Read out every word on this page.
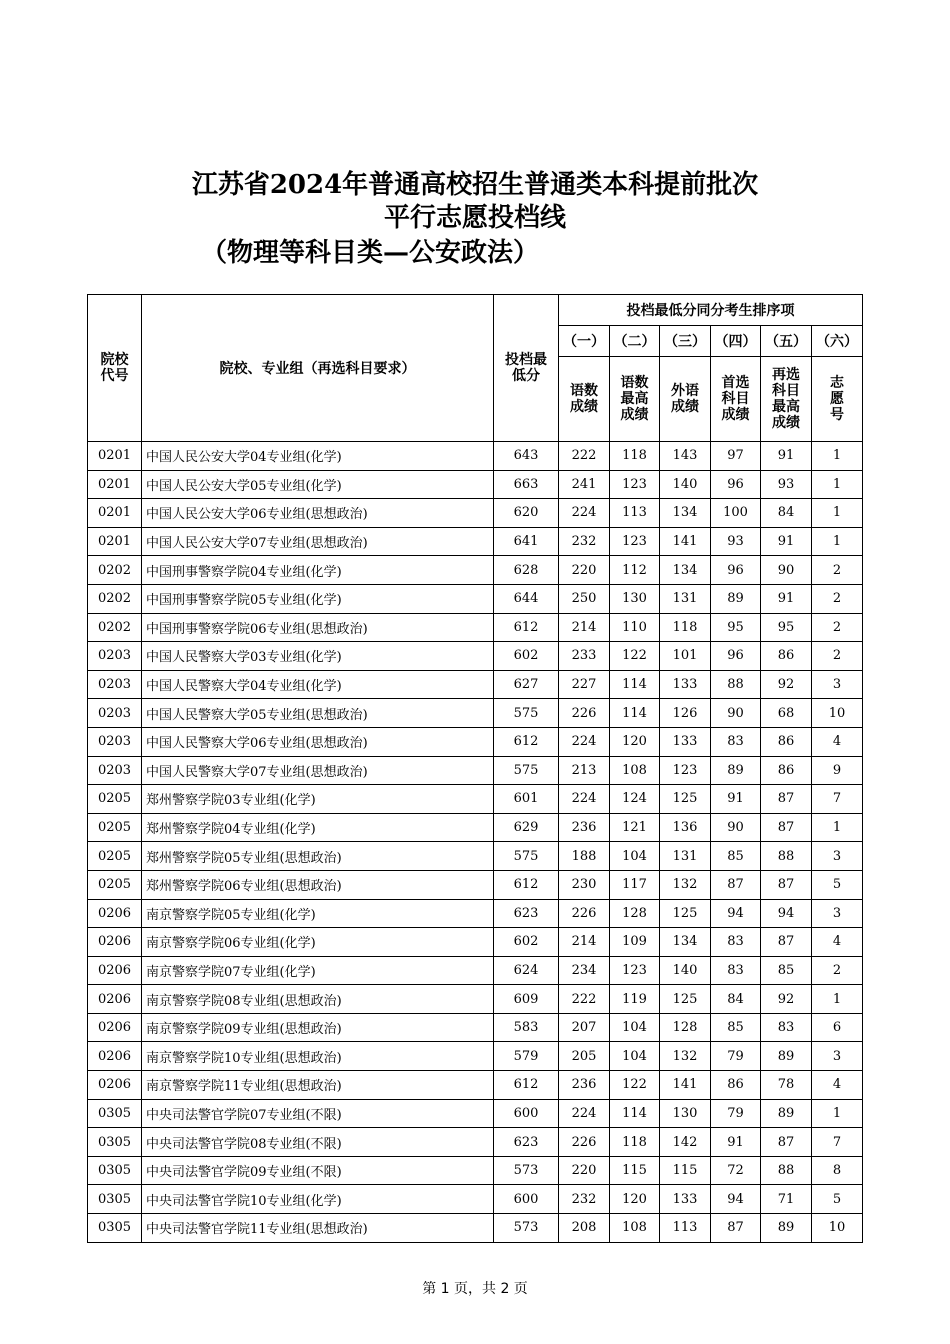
江苏省2024年普通高校招生普通类本科提前批次
平行志愿投档线
（物理等科目类—公安政法）
院校代号	院校、专业组（再选科目要求）	投档最低分	投档最低分同分考生排序项					
			（一）	（二）	（三）	（四）	（五）	（六）
			语数成绩	语数最高成绩	外语成绩	首选科目成绩	再选科目最高成绩	志愿号
0201	中国人民公安大学04专业组(化学)	643	222	118	143	97	91	1
0201	中国人民公安大学05专业组(化学)	663	241	123	140	96	93	1
0201	中国人民公安大学06专业组(思想政治)	620	224	113	134	100	84	1
0201	中国人民公安大学07专业组(思想政治)	641	232	123	141	93	91	1
0202	中国刑事警察学院04专业组(化学)	628	220	112	134	96	90	2
0202	中国刑事警察学院05专业组(化学)	644	250	130	131	89	91	2
0202	中国刑事警察学院06专业组(思想政治)	612	214	110	118	95	95	2
0203	中国人民警察大学03专业组(化学)	602	233	122	101	96	86	2
0203	中国人民警察大学04专业组(化学)	627	227	114	133	88	92	3
0203	中国人民警察大学05专业组(思想政治)	575	226	114	126	90	68	10
0203	中国人民警察大学06专业组(思想政治)	612	224	120	133	83	86	4
0203	中国人民警察大学07专业组(思想政治)	575	213	108	123	89	86	9
0205	郑州警察学院03专业组(化学)	601	224	124	125	91	87	7
0205	郑州警察学院04专业组(化学)	629	236	121	136	90	87	1
0205	郑州警察学院05专业组(思想政治)	575	188	104	131	85	88	3
0205	郑州警察学院06专业组(思想政治)	612	230	117	132	87	87	5
0206	南京警察学院05专业组(化学)	623	226	128	125	94	94	3
0206	南京警察学院06专业组(化学)	602	214	109	134	83	87	4
0206	南京警察学院07专业组(化学)	624	234	123	140	83	85	2
0206	南京警察学院08专业组(思想政治)	609	222	119	125	84	92	1
0206	南京警察学院09专业组(思想政治)	583	207	104	128	85	83	6
0206	南京警察学院10专业组(思想政治)	579	205	104	132	79	89	3
0206	南京警察学院11专业组(思想政治)	612	236	122	141	86	78	4
0305	中央司法警官学院07专业组(不限)	600	224	114	130	79	89	1
0305	中央司法警官学院08专业组(不限)	623	226	118	142	91	87	7
0305	中央司法警官学院09专业组(不限)	573	220	115	115	72	88	8
0305	中央司法警官学院10专业组(化学)	600	232	120	133	94	71	5
0305	中央司法警官学院11专业组(思想政治)	573	208	108	113	87	89	10
第 1 页，共 2 页
